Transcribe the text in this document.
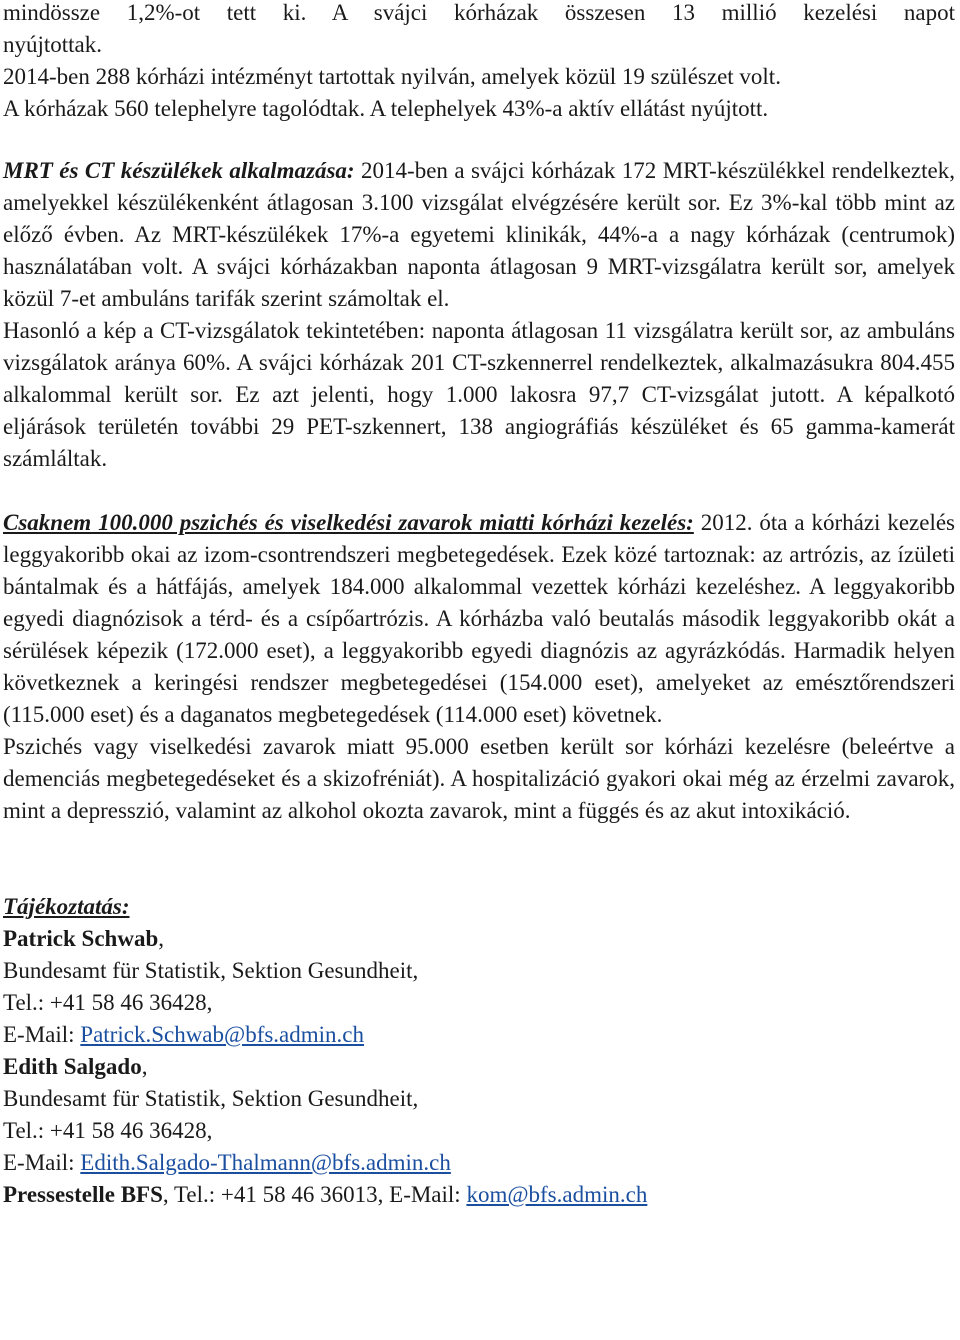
mindössze 1,2%-ot tett ki. A svájci kórházak összesen 13 millió kezelési napot

nyújtottak.

2014-ben 288 kórházi intézményt tartottak nyilván, amelyek közül 19 szülészet volt.

A kórházak 560 telephelyre tagolódtak. A telephelyek 43%-a aktív ellátást nyújtott.

MRT és CT készülékek alkalmazása: 2014-ben a svájci kórházak 172 MRT-készülékkel rendelkeztek, amelyekkel készülékenként átlagosan 3.100 vizsgálat elvégzésére került sor. Ez 3%-kal több mint az előző évben. Az MRT-készülékek 17%-a egyetemi klinikák, 44%-a a nagy kórházak (centrumok) használatában volt. A svájci kórházakban naponta átlagosan 9 MRT-vizsgálatra került sor, amelyek közül 7-et ambuláns tarifák szerint számoltak el.

Hasonló a kép a CT-vizsgálatok tekintetében: naponta átlagosan 11 vizsgálatra került sor, az ambuláns vizsgálatok aránya 60%. A svájci kórházak 201 CT-szkennerrel rendelkeztek, alkalmazásukra 804.455 alkalommal került sor. Ez azt jelenti, hogy 1.000 lakosra 97,7 CT-vizsgálat jutott. A képalkotó eljárások területén további 29 PET-szkennert, 138 angiográfiás készüléket és 65 gamma-kamerát számláltak.

Csaknem 100.000 pszichés és viselkedési zavarok miatti kórházi kezelés: 2012. óta a kórházi kezelés leggyakoribb okai az izom-csontrendszeri megbetegedések. Ezek közé tartoznak: az artrózis, az ízületi bántalmak és a hátfájás, amelyek 184.000 alkalommal vezettek kórházi kezeléshez. A leggyakoribb egyedi diagnózisok a térd- és a csípőartrózis. A kórházba való beutalás második leggyakoribb okát a sérülések képezik (172.000 eset), a leggyakoribb egyedi diagnózis az agyrázkódás. Harmadik helyen következnek a keringési rendszer megbetegedései (154.000 eset), amelyeket az emésztőrendszeri (115.000 eset) és a daganatos megbetegedések (114.000 eset) követnek.

Pszichés vagy viselkedési zavarok miatt 95.000 esetben került sor kórházi kezelésre (beleértve a demenciás megbetegedéseket és a skizofréniát). A hospitalizáció gyakori okai még az érzelmi zavarok, mint a depresszió, valamint az alkohol okozta zavarok, mint a függés és az akut intoxikáció.

Tájékoztatás:

Patrick Schwab,

Bundesamt für Statistik, Sektion Gesundheit,

Tel.: +41 58 46 36428,

E-Mail: Patrick.Schwab@bfs.admin.ch

Edith Salgado,

Bundesamt für Statistik, Sektion Gesundheit,

Tel.: +41 58 46 36428,

E-Mail: Edith.Salgado-Thalmann@bfs.admin.ch

Pressestelle BFS, Tel.: +41 58 46 36013, E-Mail: kom@bfs.admin.ch
